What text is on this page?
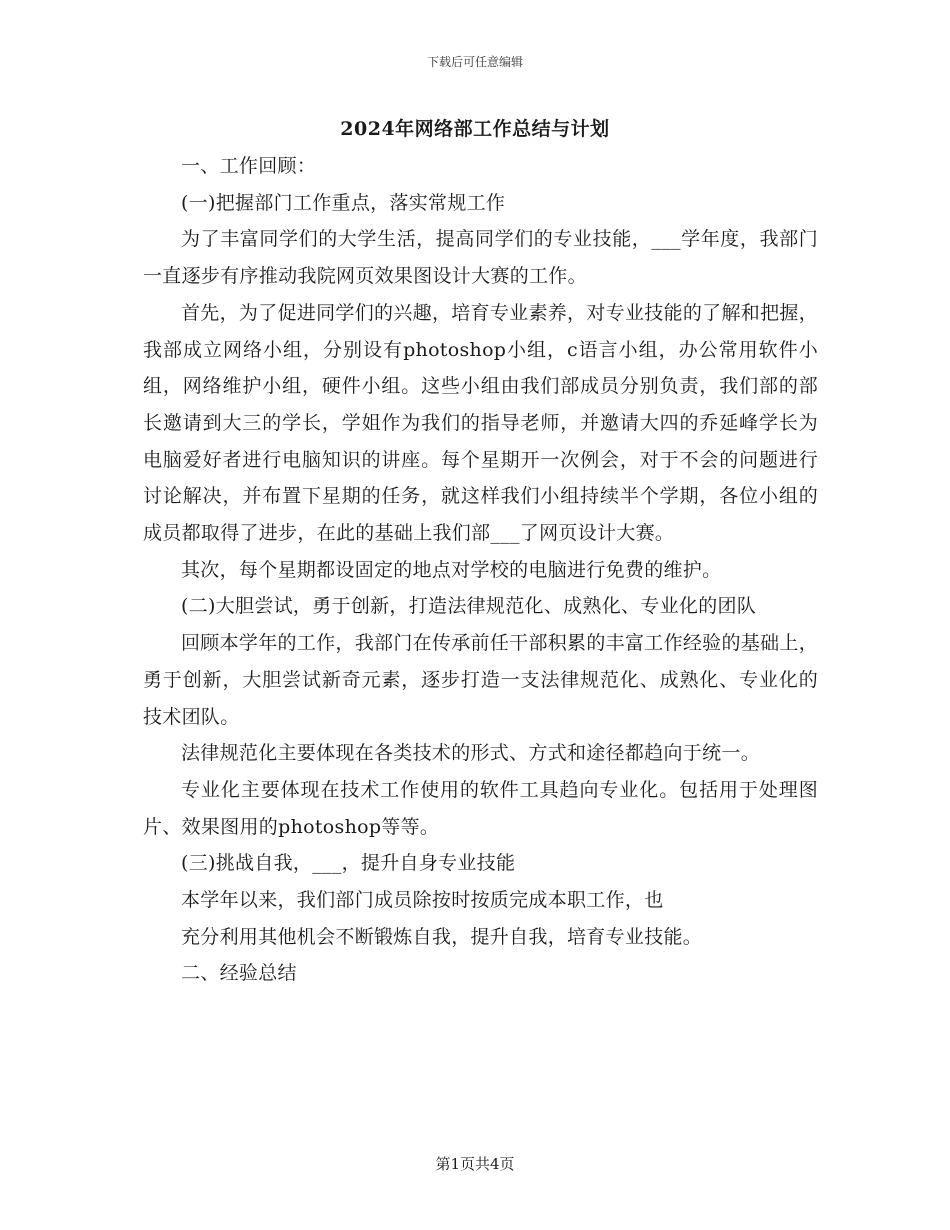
下载后可任意编辑
2024年网络部工作总结与计划

一、工作回顾：

(一)把握部门工作重点，落实常规工作

为了丰富同学们的大学生活，提高同学们的专业技能，___学年度，我部门一直逐步有序推动我院网页效果图设计大赛的工作。

首先，为了促进同学们的兴趣，培育专业素养，对专业技能的了解和把握，我部成立网络小组，分别设有photoshop小组，c语言小组，办公常用软件小组，网络维护小组，硬件小组。这些小组由我们部成员分别负责，我们部的部长邀请到大三的学长，学姐作为我们的指导老师，并邀请大四的乔延峰学长为电脑爱好者进行电脑知识的讲座。每个星期开一次例会，对于不会的问题进行讨论解决，并布置下星期的任务，就这样我们小组持续半个学期，各位小组的成员都取得了进步，在此的基础上我们部___了网页设计大赛。

其次，每个星期都设固定的地点对学校的电脑进行免费的维护。

(二)大胆尝试，勇于创新，打造法律规范化、成熟化、专业化的团队

回顾本学年的工作，我部门在传承前任干部积累的丰富工作经验的基础上，勇于创新，大胆尝试新奇元素，逐步打造一支法律规范化、成熟化、专业化的技术团队。

法律规范化主要体现在各类技术的形式、方式和途径都趋向于统一。

专业化主要体现在技术工作使用的软件工具趋向专业化。包括用于处理图片、效果图用的photoshop等等。

(三)挑战自我，___，提升自身专业技能

本学年以来，我们部门成员除按时按质完成本职工作，也

充分利用其他机会不断锻炼自我，提升自我，培育专业技能。

二、经验总结

第1页共4页
